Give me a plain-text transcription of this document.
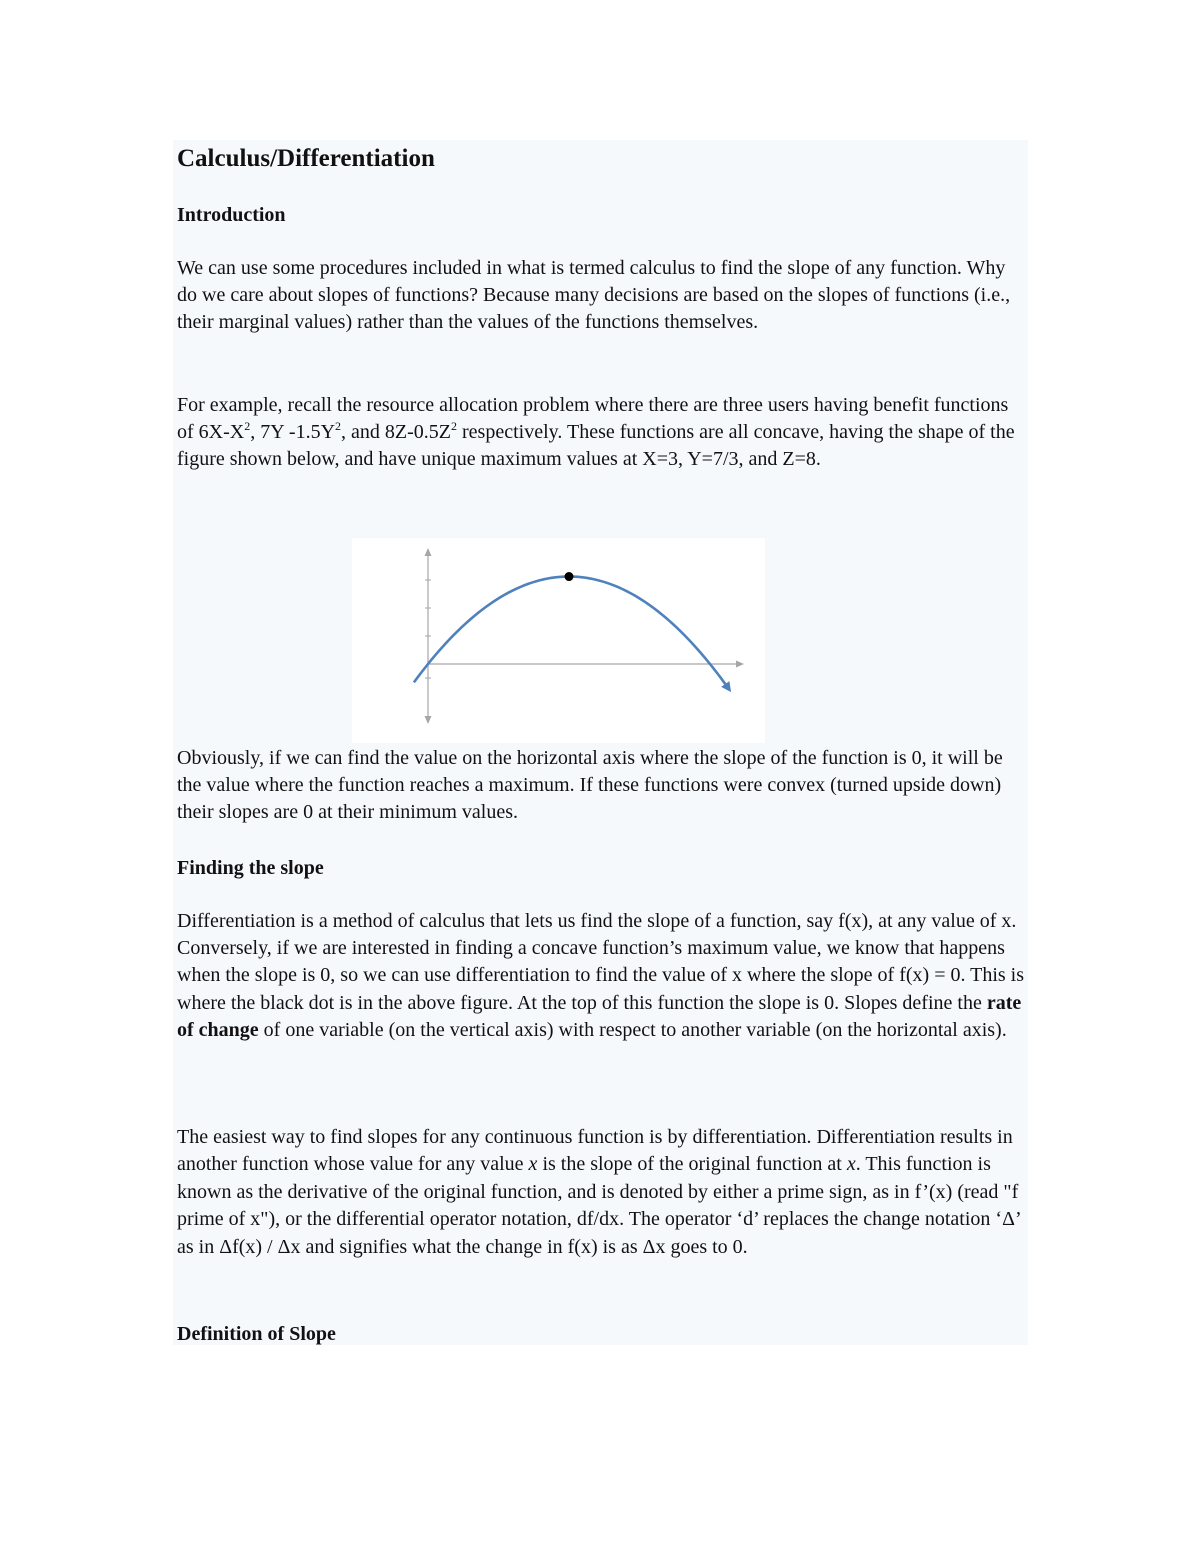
Calculus/Differentiation
Introduction

We can use some procedures included in what is termed calculus to find the slope of any function. Why do we care about slopes of functions? Because many decisions are based on the slopes of functions (i.e., their marginal values) rather than the values of the functions themselves.

For example, recall the resource allocation problem where there are three users having benefit functions of $6X-X^2$, 7Y $-1.5Y^2$, and $8Z-0.5Z^2$ respectively. These functions are all concave, having the shape of the figure shown below, and have unique maximum values at X=3, Y=7/3, and Z=8.

Obviously, if we can find the value on the horizontal axis where the slope of the function is 0, it will be the value where the function reaches a maximum. If these functions were convex (turned upside down) their slopes are 0 at their minimum values.

Finding the slope

Differentiation is a method of calculus that lets us find the slope of a function, say f(x), at any value of x. Conversely, if we are interested in finding a concave function’s maximum value, we know that happens when the slope is 0, so we can use differentiation to find the value of x where the slope of f(x) = 0. This is where the black dot is in the above figure. At the top of this function the slope is 0. Slopes define the rate of change of one variable (on the vertical axis) with respect to another variable (on the horizontal axis).

The easiest way to find slopes for any continuous function is by differentiation. Differentiation results in another function whose value for any value x is the slope of the original function at x. This function is known as the derivative of the original function, and is denoted by either a prime sign, as in f’(x) (read "f prime of x"), or the differential operator notation, df/dx. The operator ‘d’ replaces the change notation ‘Δ’ as in Δf(x) / Δx and signifies what the change in f(x) is as Δx goes to 0.

Definition of Slope
